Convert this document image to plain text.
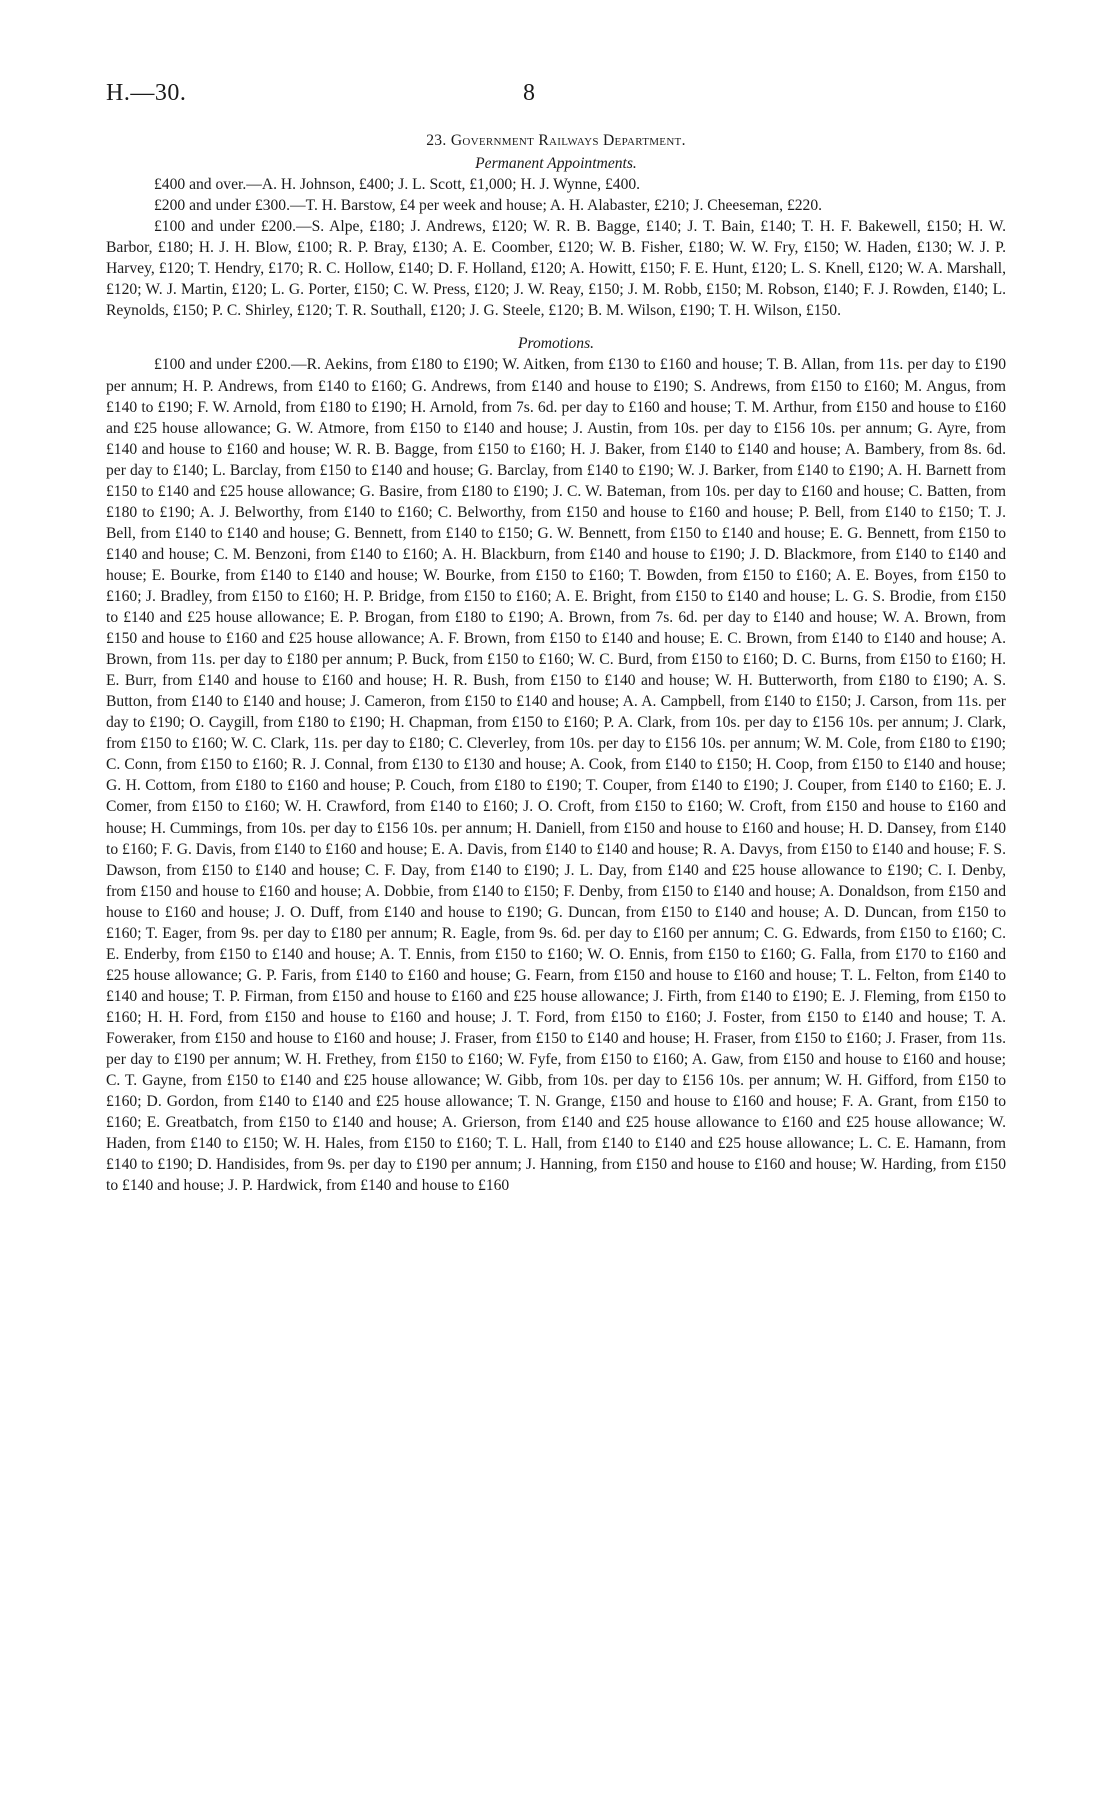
H.—30.	8
23. Government Railways Department.
Permanent Appointments.

£400 and over.—A. H. Johnson, £400; J. L. Scott, £1,000; H. J. Wynne, £400.

£200 and under £300.—T. H. Barstow, £4 per week and house; A. H. Alabaster, £210; J. Cheeseman, £220.

£100 and under £200.—S. Alpe, £180; J. Andrews, £120; W. R. B. Bagge, £140; J. T. Bain, £140; T. H. F. Bakewell, £150; H. W. Barbor, £180; H. J. H. Blow, £100; R. P. Bray, £130; A. E. Coomber, £120; W. B. Fisher, £180; W. W. Fry, £150; W. Haden, £130; W. J. P. Harvey, £120; T. Hendry, £170; R. C. Hollow, £140; D. F. Holland, £120; A. Howitt, £150; F. E. Hunt, £120; L. S. Knell, £120; W. A. Marshall, £120; W. J. Martin, £120; L. G. Porter, £150; C. W. Press, £120; J. W. Reay, £150; J. M. Robb, £150; M. Robson, £140; F. J. Rowden, £140; L. Reynolds, £150; P. C. Shirley, £120; T. R. Southall, £120; J. G. Steele, £120; B. M. Wilson, £190; T. H. Wilson, £150.

Promotions.

£100 and under £200.—R. Aekins, from £180 to £190; W. Aitken, from £130 to £160 and house; T. B. Allan, from 11s. per day to £190 per annum; H. P. Andrews, from £140 to £160; G. Andrews, from £140 and house to £190; S. Andrews, from £150 to £160; M. Angus, from £140 to £190; F. W. Arnold, from £180 to £190; H. Arnold, from 7s. 6d. per day to £160 and house; T. M. Arthur, from £150 and house to £160 and £25 house allowance; G. W. Atmore, from £150 to £140 and house; J. Austin, from 10s. per day to £156 10s. per annum; G. Ayre, from £140 and house to £160 and house; W. R. B. Bagge, from £150 to £160; H. J. Baker, from £140 to £140 and house; A. Bambery, from 8s. 6d. per day to £140; L. Barclay, from £150 to £140 and house; G. Barclay, from £140 to £190; W. J. Barker, from £140 to £190; A. H. Barnett from £150 to £140 and £25 house allowance; G. Basire, from £180 to £190; J. C. W. Bateman, from 10s. per day to £160 and house; C. Batten, from £180 to £190; A. J. Belworthy, from £140 to £160; C. Belworthy, from £150 and house to £160 and house; P. Bell, from £140 to £150; T. J. Bell, from £140 to £140 and house; G. Bennett, from £140 to £150; G. W. Bennett, from £150 to £140 and house; E. G. Bennett, from £150 to £140 and house; C. M. Benzoni, from £140 to £160; A. H. Blackburn, from £140 and house to £190; J. D. Blackmore, from £140 to £140 and house; E. Bourke, from £140 to £140 and house; W. Bourke, from £150 to £160; T. Bowden, from £150 to £160; A. E. Boyes, from £150 to £160; J. Bradley, from £150 to £160; H. P. Bridge, from £150 to £160; A. E. Bright, from £150 to £140 and house; L. G. S. Brodie, from £150 to £140 and £25 house allowance; E. P. Brogan, from £180 to £190; A. Brown, from 7s. 6d. per day to £140 and house; W. A. Brown, from £150 and house to £160 and £25 house allowance; A. F. Brown, from £150 to £140 and house; E. C. Brown, from £140 to £140 and house; A. Brown, from 11s. per day to £180 per annum; P. Buck, from £150 to £160; W. C. Burd, from £150 to £160; D. C. Burns, from £150 to £160; H. E. Burr, from £140 and house to £160 and house; H. R. Bush, from £150 to £140 and house; W. H. Butterworth, from £180 to £190; A. S. Button, from £140 to £140 and house; J. Cameron, from £150 to £140 and house; A. A. Campbell, from £140 to £150; J. Carson, from 11s. per day to £190; O. Caygill, from £180 to £190; H. Chapman, from £150 to £160; P. A. Clark, from 10s. per day to £156 10s. per annum; J. Clark, from £150 to £160; W. C. Clark, 11s. per day to £180; C. Cleverley, from 10s. per day to £156 10s. per annum; W. M. Cole, from £180 to £190; C. Conn, from £150 to £160; R. J. Connal, from £130 to £130 and house; A. Cook, from £140 to £150; H. Coop, from £150 to £140 and house; G. H. Cottom, from £180 to £160 and house; P. Couch, from £180 to £190; T. Couper, from £140 to £190; J. Couper, from £140 to £160; E. J. Comer, from £150 to £160; W. H. Crawford, from £140 to £160; J. O. Croft, from £150 to £160; W. Croft, from £150 and house to £160 and house; H. Cummings, from 10s. per day to £156 10s. per annum; H. Daniell, from £150 and house to £160 and house; H. D. Dansey, from £140 to £160; F. G. Davis, from £140 to £160 and house; E. A. Davis, from £140 to £140 and house; R. A. Davys, from £150 to £140 and house; F. S. Dawson, from £150 to £140 and house; C. F. Day, from £140 to £190; J. L. Day, from £140 and £25 house allowance to £190; C. I. Denby, from £150 and house to £160 and house; A. Dobbie, from £140 to £150; F. Denby, from £150 to £140 and house; A. Donaldson, from £150 and house to £160 and house; J. O. Duff, from £140 and house to £190; G. Duncan, from £150 to £140 and house; A. D. Duncan, from £150 to £160; T. Eager, from 9s. per day to £180 per annum; R. Eagle, from 9s. 6d. per day to £160 per annum; C. G. Edwards, from £150 to £160; C. E. Enderby, from £150 to £140 and house; A. T. Ennis, from £150 to £160; W. O. Ennis, from £150 to £160; G. Falla, from £170 to £160 and £25 house allowance; G. P. Faris, from £140 to £160 and house; G. Fearn, from £150 and house to £160 and house; T. L. Felton, from £140 to £140 and house; T. P. Firman, from £150 and house to £160 and £25 house allowance; J. Firth, from £140 to £190; E. J. Fleming, from £150 to £160; H. H. Ford, from £150 and house to £160 and house; J. T. Ford, from £150 to £160; J. Foster, from £150 to £140 and house; T. A. Foweraker, from £150 and house to £160 and house; J. Fraser, from £150 to £140 and house; H. Fraser, from £150 to £160; J. Fraser, from 11s. per day to £190 per annum; W. H. Frethey, from £150 to £160; W. Fyfe, from £150 to £160; A. Gaw, from £150 and house to £160 and house; C. T. Gayne, from £150 to £140 and £25 house allowance; W. Gibb, from 10s. per day to £156 10s. per annum; W. H. Gifford, from £150 to £160; D. Gordon, from £140 to £140 and £25 house allowance; T. N. Grange, £150 and house to £160 and house; F. A. Grant, from £150 to £160; E. Greatbatch, from £150 to £140 and house; A. Grierson, from £140 and £25 house allowance to £160 and £25 house allowance; W. Haden, from £140 to £150; W. H. Hales, from £150 to £160; T. L. Hall, from £140 to £140 and £25 house allowance; L. C. E. Hamann, from £140 to £190; D. Handisides, from 9s. per day to £190 per annum; J. Hanning, from £150 and house to £160 and house; W. Harding, from £150 to £140 and house; J. P. Hardwick, from £140 and house to £160
